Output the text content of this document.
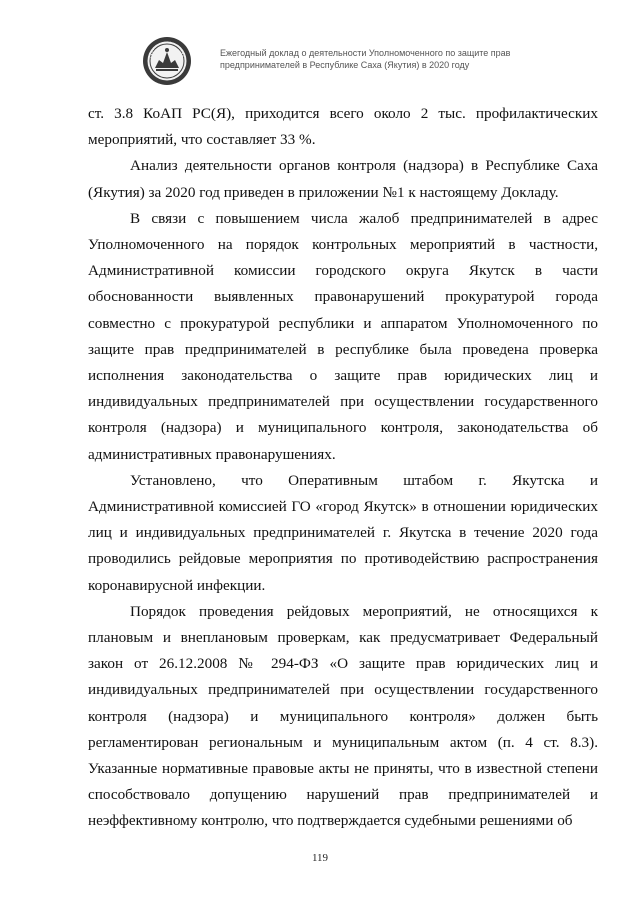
Ежегодный доклад о деятельности Уполномоченного по защите прав
предпринимателей в Республике Саха (Якутия) в 2020 году

ст. 3.8 КоАП РС(Я), приходится всего около 2 тыс. профилактических мероприятий, что составляет 33 %.

Анализ деятельности органов контроля (надзора) в Республике Саха (Якутия) за 2020 год приведен в приложении №1 к настоящему Докладу.

В связи с повышением числа жалоб предпринимателей в адрес Уполномоченного на порядок контрольных мероприятий в частности, Административной комиссии городского округа Якутск в части обоснованности выявленных правонарушений прокуратурой города совместно с прокуратурой республики и аппаратом Уполномоченного по защите прав предпринимателей в республике была проведена проверка исполнения законодательства о защите прав юридических лиц и индивидуальных предпринимателей при осуществлении государственного контроля (надзора) и муниципального контроля, законодательства об административных правонарушениях.

Установлено, что Оперативным штабом г. Якутска и Административной комиссией ГО «город Якутск» в отношении юридических лиц и индивидуальных предпринимателей г. Якутска в течение 2020 года проводились рейдовые мероприятия по противодействию распространения коронавирусной инфекции.

Порядок проведения рейдовых мероприятий, не относящихся к плановым и внеплановым проверкам, как предусматривает Федеральный закон от 26.12.2008 № 294-ФЗ «О защите прав юридических лиц и индивидуальных предпринимателей при осуществлении государственного контроля (надзора) и муниципального контроля» должен быть регламентирован региональным и муниципальным актом (п. 4 ст. 8.3). Указанные нормативные правовые акты не приняты, что в известной степени способствовало допущению нарушений прав предпринимателей и неэффективному контролю, что подтверждается судебными решениями об

119
